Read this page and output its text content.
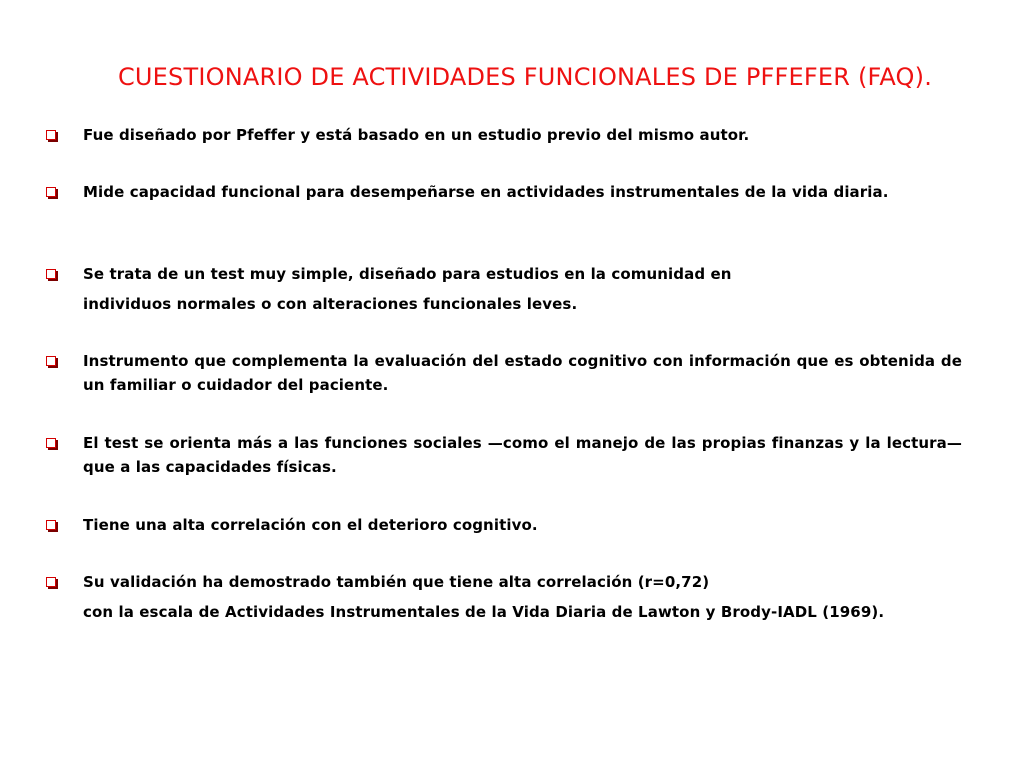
CUESTIONARIO DE ACTIVIDADES FUNCIONALES DE PFFEFER (FAQ).

Fue diseñado por Pfeffer y está basado en un estudio previo del mismo autor.

Mide capacidad funcional para desempeñarse en actividades instrumentales de la vida diaria.

Se trata de un test muy simple, diseñado para estudios en la comunidad en

individuos normales o con alteraciones funcionales leves.

Instrumento que complementa la evaluación del estado cognitivo con información que es obtenida de un familiar o cuidador del paciente.

El test se orienta más a las funciones sociales —como el manejo de las propias finanzas y la lectura— que a las capacidades físicas.

Tiene una alta correlación con el deterioro cognitivo.

Su validación ha demostrado también que tiene alta correlación (r=0,72)

con la escala de Actividades Instrumentales de la Vida Diaria de Lawton y Brody-IADL (1969).
